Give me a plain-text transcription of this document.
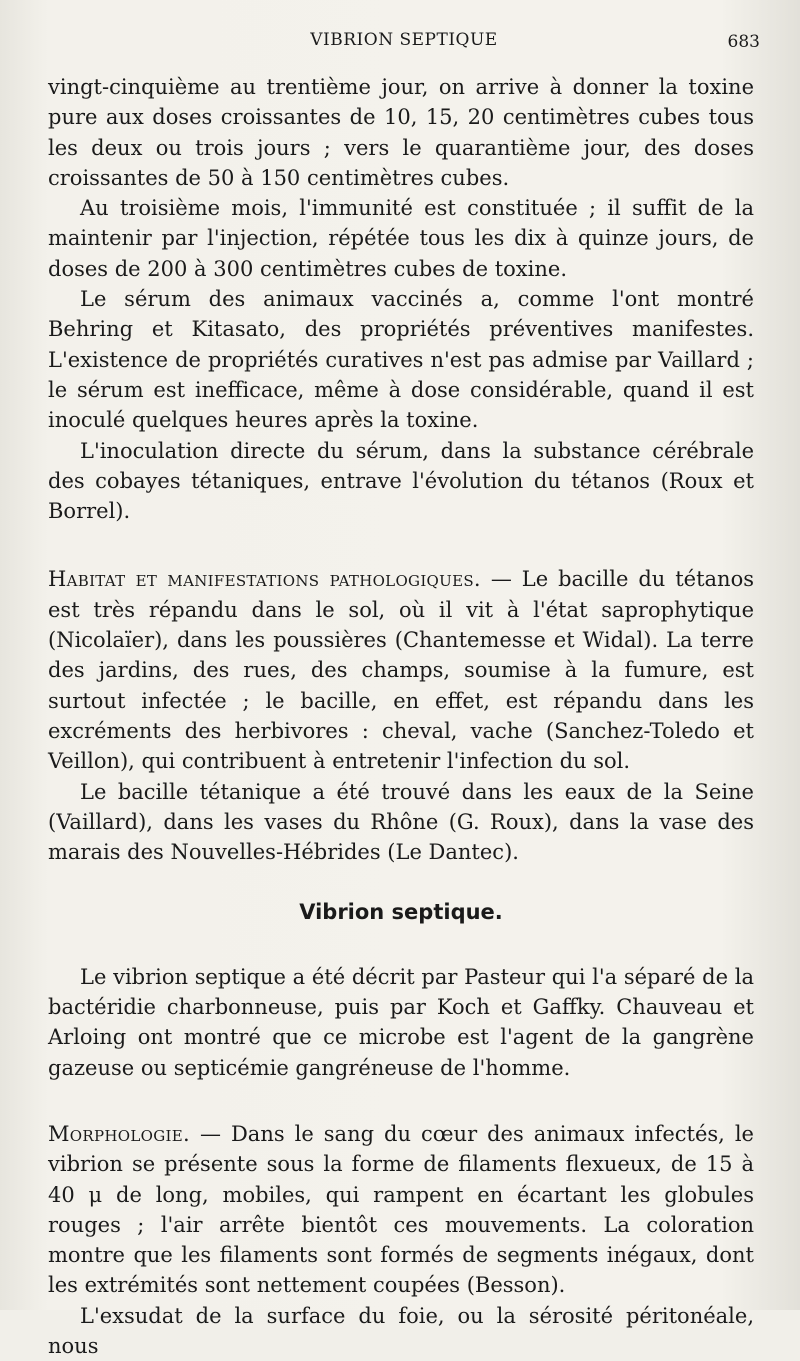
VIBRION SEPTIQUE	683

vingt-cinquième au trentième jour, on arrive à donner la toxine pure aux doses croissantes de 10, 15, 20 centimètres cubes tous les deux ou trois jours ; vers le quarantième jour, des doses croissantes de 50 à 150 centimètres cubes.

Au troisième mois, l'immunité est constituée ; il suffit de la maintenir par l'injection, répétée tous les dix à quinze jours, de doses de 200 à 300 centimètres cubes de toxine.

Le sérum des animaux vaccinés a, comme l'ont montré Behring et Kitasato, des propriétés préventives manifestes. L'existence de propriétés curatives n'est pas admise par Vaillard ; le sérum est inefficace, même à dose considérable, quand il est inoculé quelques heures après la toxine.

L'inoculation directe du sérum, dans la substance cérébrale des cobayes tétaniques, entrave l'évolution du tétanos (Roux et Borrel).

Habitat et manifestations pathologiques. — Le bacille du tétanos est très répandu dans le sol, où il vit à l'état saprophytique (Nicolaïer), dans les poussières (Chantemesse et Widal). La terre des jardins, des rues, des champs, soumise à la fumure, est surtout infectée ; le bacille, en effet, est répandu dans les excréments des herbivores : cheval, vache (Sanchez-Toledo et Veillon), qui contribuent à entretenir l'infection du sol.

Le bacille tétanique a été trouvé dans les eaux de la Seine (Vaillard), dans les vases du Rhône (G. Roux), dans la vase des marais des Nouvelles-Hébrides (Le Dantec).

Vibrion septique.

Le vibrion septique a été décrit par Pasteur qui l'a séparé de la bactéridie charbonneuse, puis par Koch et Gaffky. Chauveau et Arloing ont montré que ce microbe est l'agent de la gangrène gazeuse ou septicémie gangréneuse de l'homme.

Morphologie. — Dans le sang du cœur des animaux infectés, le vibrion se présente sous la forme de filaments flexueux, de 15 à 40 μ de long, mobiles, qui rampent en écartant les globules rouges ; l'air arrête bientôt ces mouvements. La coloration montre que les filaments sont formés de segments inégaux, dont les extrémités sont nettement coupées (Besson).

L'exsudat de la surface du foie, ou la sérosité péritonéale, nous
